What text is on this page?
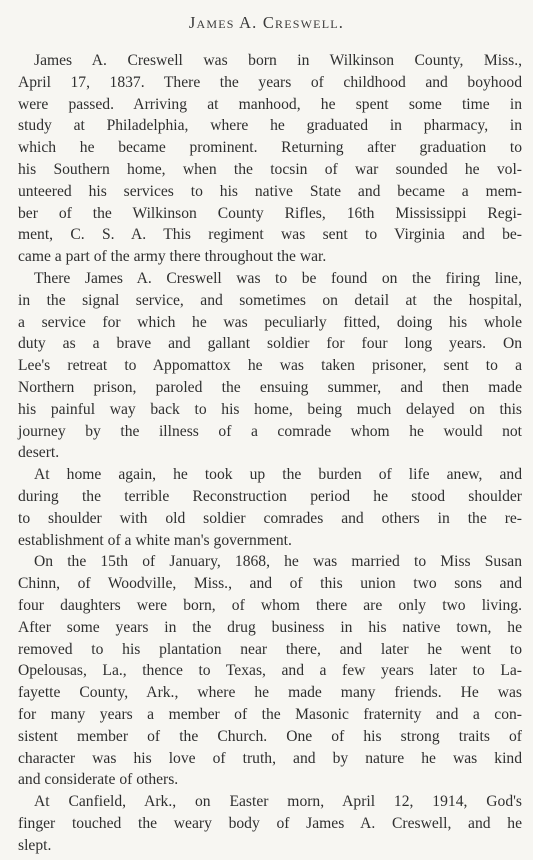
James A. Creswell.
James A. Creswell was born in Wilkinson County, Miss.,
April 17, 1837. There the years of childhood and boyhood
were passed. Arriving at manhood, he spent some time in
study at Philadelphia, where he graduated in pharmacy, in
which he became prominent. Returning after graduation to
his Southern home, when the tocsin of war sounded he vol-
unteered his services to his native State and became a mem-
ber of the Wilkinson County Rifles, 16th Mississippi Regi-
ment, C. S. A. This regiment was sent to Virginia and be-
came a part of the army there throughout the war.
There James A. Creswell was to be found on the firing line,
in the signal service, and sometimes on detail at the hospital,
a service for which he was peculiarly fitted, doing his whole
duty as a brave and gallant soldier for four long years. On
Lee's retreat to Appomattox he was taken prisoner, sent to a
Northern prison, paroled the ensuing summer, and then made
his painful way back to his home, being much delayed on this
journey by the illness of a comrade whom he would not
desert.
At home again, he took up the burden of life anew, and
during the terrible Reconstruction period he stood shoulder
to shoulder with old soldier comrades and others in the re-
establishment of a white man's government.
On the 15th of January, 1868, he was married to Miss Susan
Chinn, of Woodville, Miss., and of this union two sons and
four daughters were born, of whom there are only two living.
After some years in the drug business in his native town, he
removed to his plantation near there, and later he went to
Opelousas, La., thence to Texas, and a few years later to La-
fayette County, Ark., where he made many friends. He was
for many years a member of the Masonic fraternity and a con-
sistent member of the Church. One of his strong traits of
character was his love of truth, and by nature he was kind
and considerate of others.
At Canfield, Ark., on Easter morn, April 12, 1914, God's
finger touched the weary body of James A. Creswell, and he
slept.
